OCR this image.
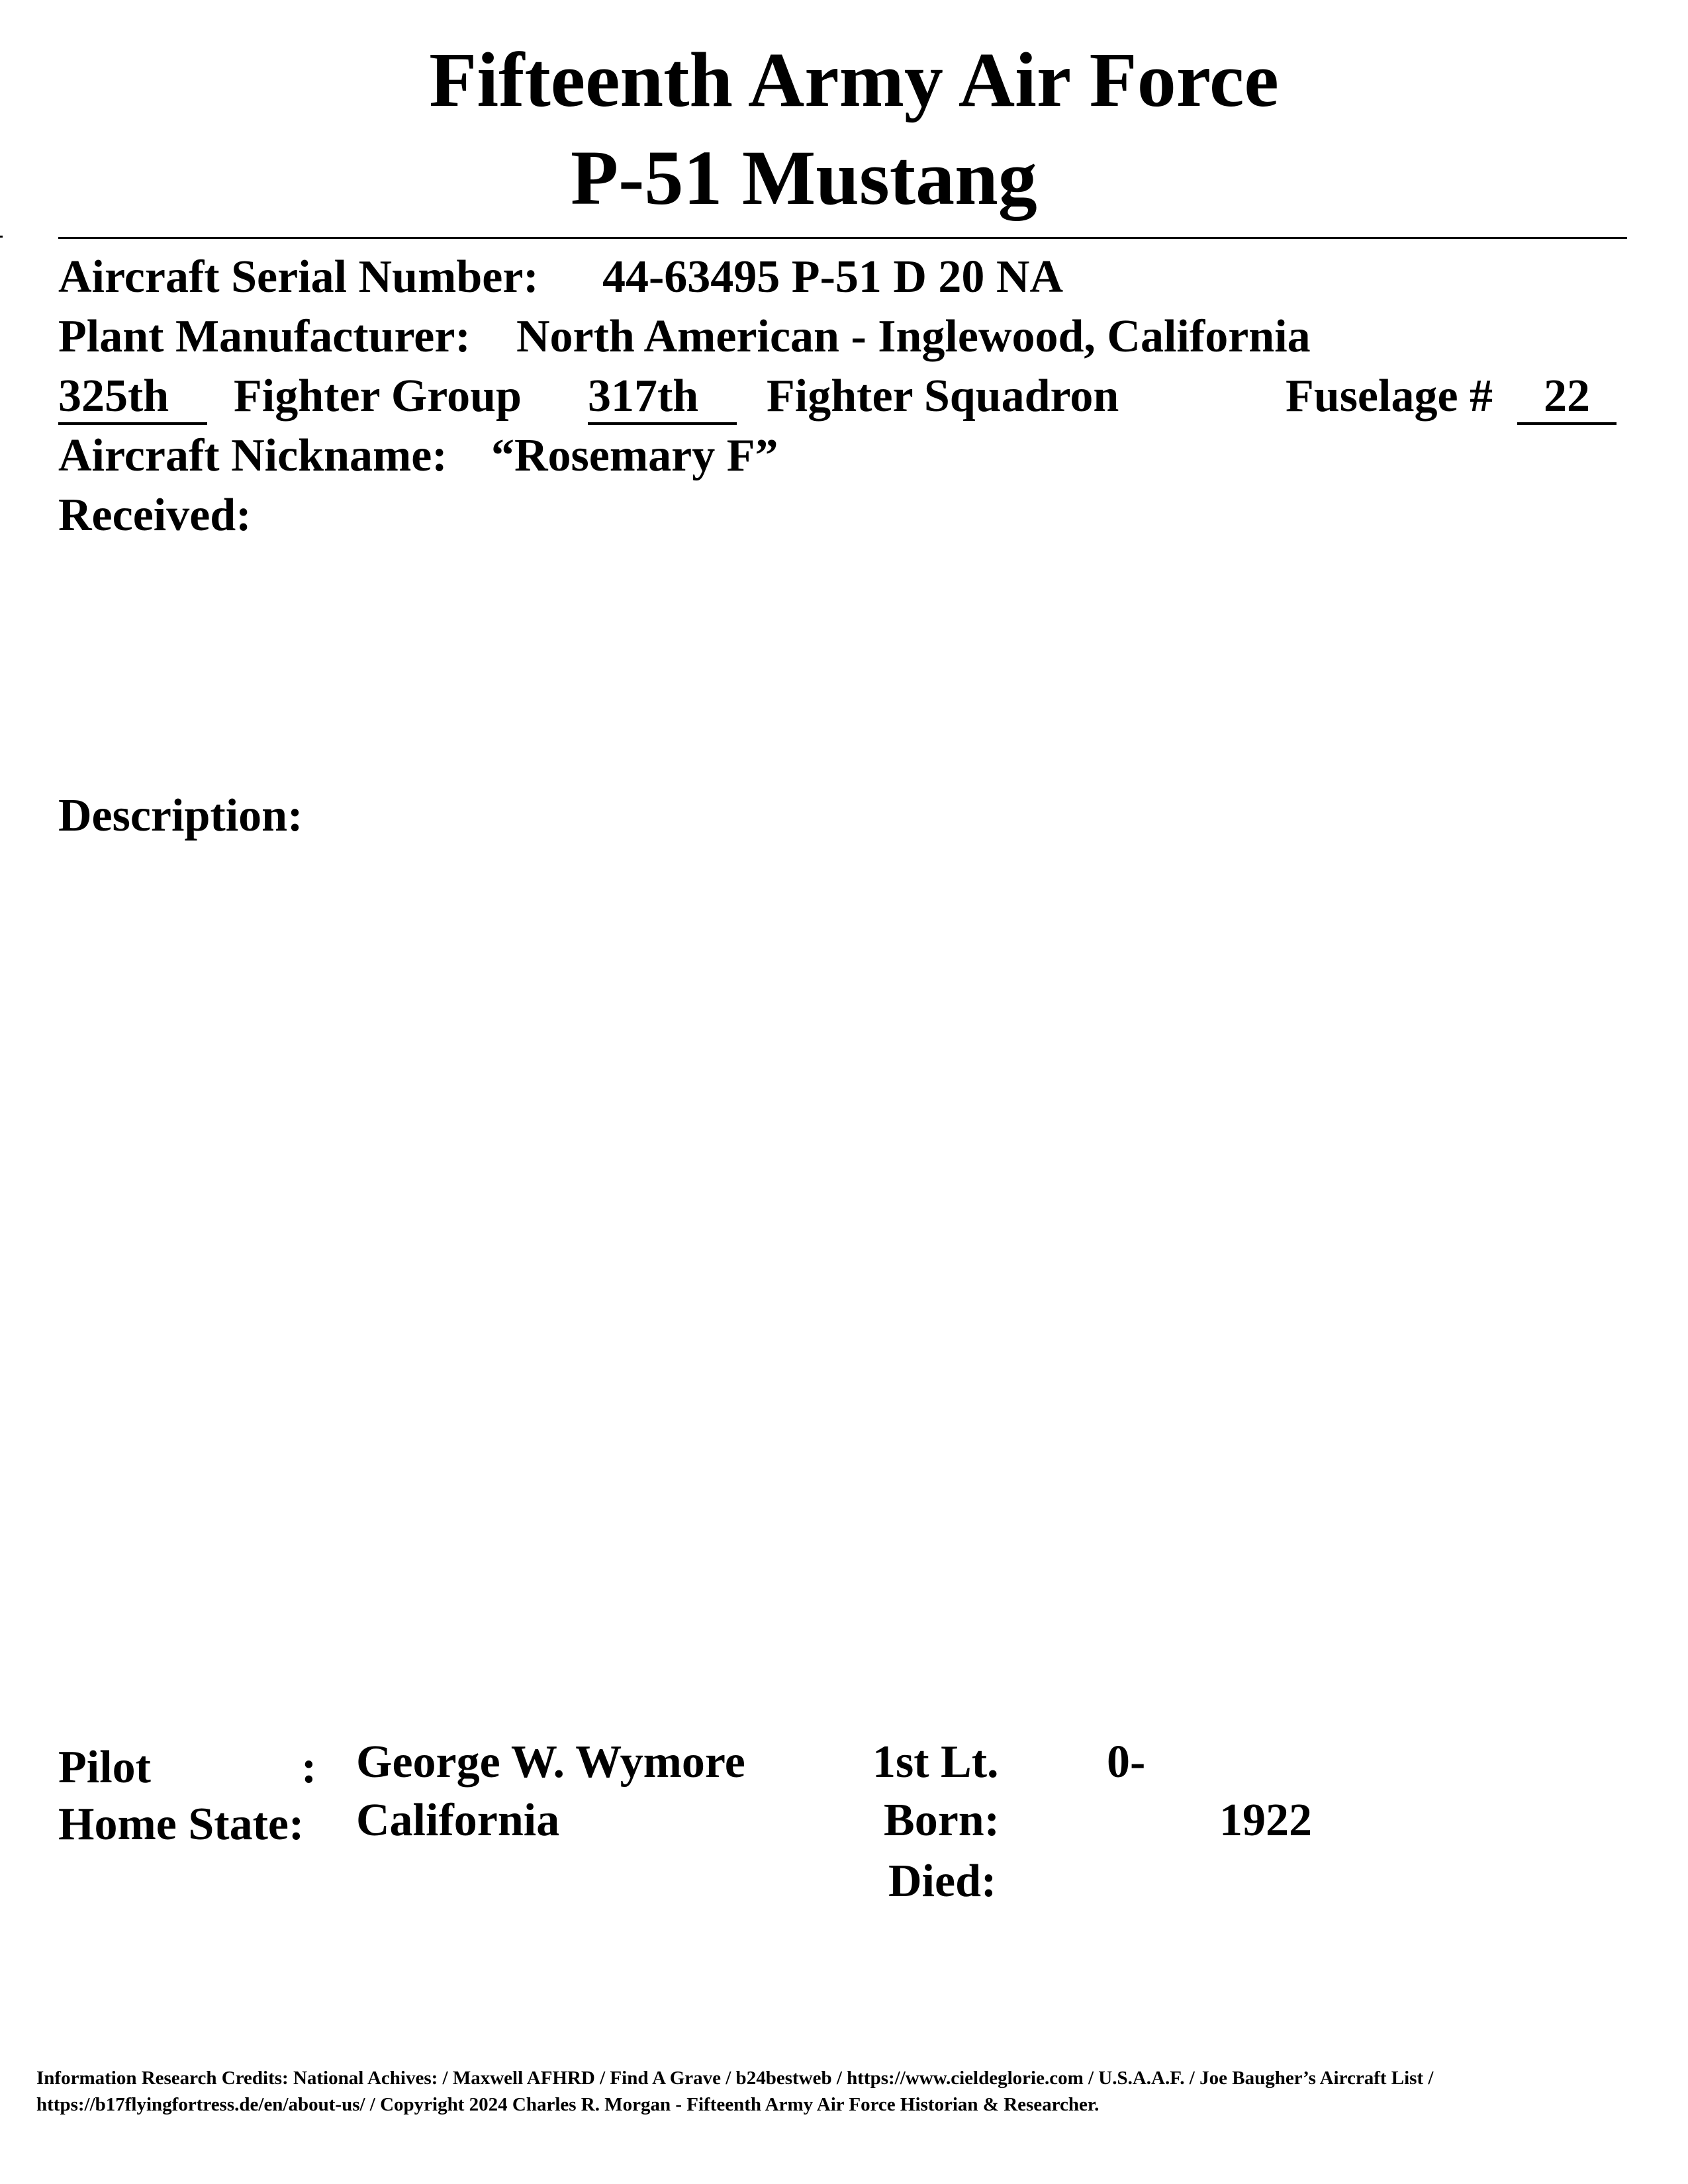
Fifteenth Army Air Force
P-51 Mustang
Aircraft Serial Number: 44-63495 P-51 D 20 NA
Plant Manufacturer: North American - Inglewood, California
325th	Fighter Group 317th	Fighter Squadron	Fuselage #	22
Aircraft Nickname: “Rosemary F”
Received:
Description:
Pilot	: George W. Wymore	1st Lt. 0-
Home State: California	Born:	1922
Died:
Information Research Credits: National Achives: / Maxwell AFHRD / Find A Grave / b24bestweb / https://www.cieldeglorie.com / U.S.A.A.F. / Joe Baugher’s Aircraft List /
https://b17flyingfortress.de/en/about-us/ / Copyright 2024 Charles R. Morgan - Fifteenth Army Air Force Historian & Researcher.
